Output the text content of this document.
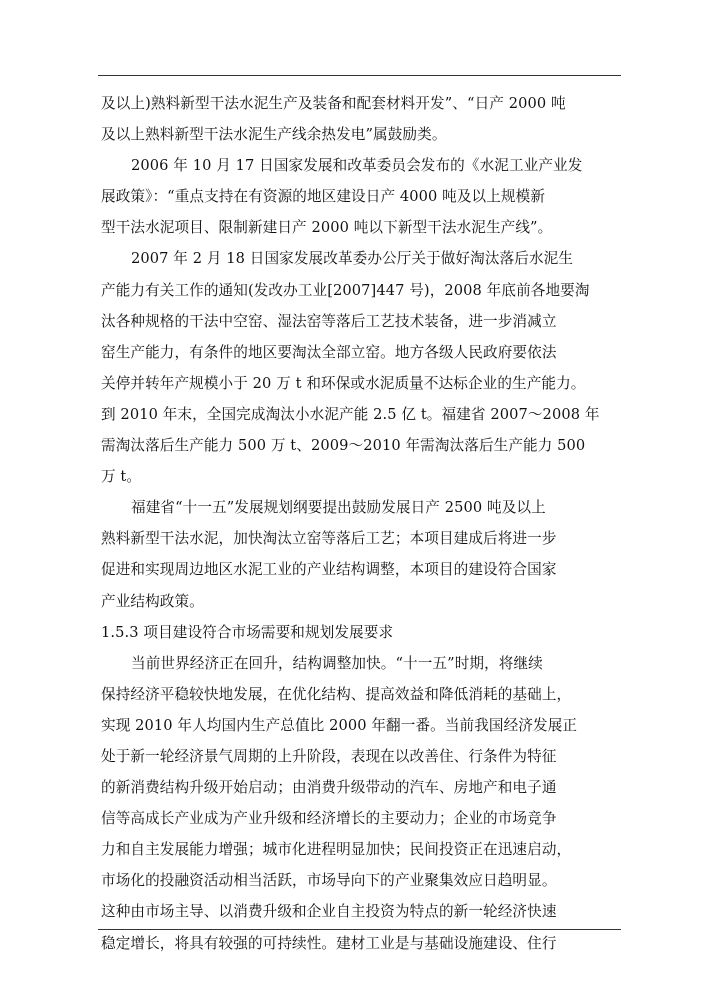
及以上)熟料新型干法水泥生产及装备和配套材料开发”、“日产 2000 吨
及以上熟料新型干法水泥生产线余热发电”属鼓励类。
2006 年 10 月 17 日国家发展和改革委员会发布的《水泥工业产业发
展政策》：“重点支持在有资源的地区建设日产 4000 吨及以上规模新
型干法水泥项目、限制新建日产 2000 吨以下新型干法水泥生产线”。
2007 年 2 月 18 日国家发展改革委办公厅关于做好淘汰落后水泥生
产能力有关工作的通知(发改办工业[2007]447 号)，2008 年底前各地要淘
汰各种规格的干法中空窑、湿法窑等落后工艺技术装备，进一步消减立
窑生产能力，有条件的地区要淘汰全部立窑。地方各级人民政府要依法
关停并转年产规模小于 20 万 t 和环保或水泥质量不达标企业的生产能力。
到 2010 年末，全国完成淘汰小水泥产能 2.5 亿 t。福建省 2007～2008 年
需淘汰落后生产能力 500 万 t、2009～2010 年需淘汰落后生产能力 500
万 t。
福建省“十一五”发展规划纲要提出鼓励发展日产 2500 吨及以上
熟料新型干法水泥，加快淘汰立窑等落后工艺；本项目建成后将进一步
促进和实现周边地区水泥工业的产业结构调整，本项目的建设符合国家
产业结构政策。
1.5.3 项目建设符合市场需要和规划发展要求
当前世界经济正在回升，结构调整加快。“十一五”时期，将继续
保持经济平稳较快地发展，在优化结构、提高效益和降低消耗的基础上，
实现 2010 年人均国内生产总值比 2000 年翻一番。当前我国经济发展正
处于新一轮经济景气周期的上升阶段，表现在以改善住、行条件为特征
的新消费结构升级开始启动；由消费升级带动的汽车、房地产和电子通
信等高成长产业成为产业升级和经济增长的主要动力；企业的市场竞争
力和自主发展能力增强；城市化进程明显加快；民间投资正在迅速启动，
市场化的投融资活动相当活跃，市场导向下的产业聚集效应日趋明显。
这种由市场主导、以消费升级和企业自主投资为特点的新一轮经济快速
稳定增长，将具有较强的可持续性。建材工业是与基础设施建设、住行
